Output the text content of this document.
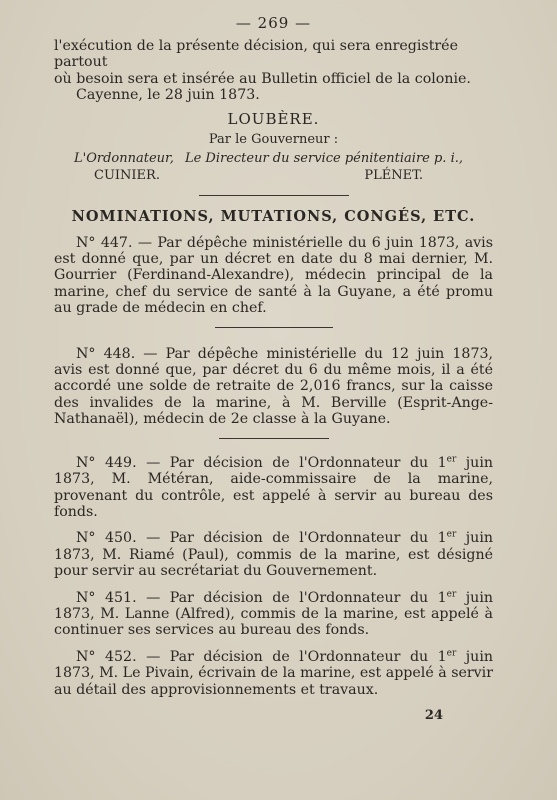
— 269 —

l'exécution de la présente décision, qui sera enregistrée partout

où besoin sera et insérée au Bulletin officiel de la colonie.

Cayenne, le 28 juin 1873.

LOUBÈRE.
Par le Gouverneur :
L'Ordonnateur, Le Directeur du service pénitentiaire p. i.,
CUINIER.	PLÉNET.
NOMINATIONS, MUTATIONS, CONGÉS, ETC.

N° 447. — Par dépêche ministérielle du 6 juin 1873, avis est donné que, par un décret en date du 8 mai dernier, M. Gourrier (Ferdinand-Alexandre), médecin principal de la marine, chef du service de santé à la Guyane, a été promu au grade de médecin en chef.

N° 448. — Par dépêche ministérielle du 12 juin 1873, avis est donné que, par décret du 6 du même mois, il a été accordé une solde de retraite de 2,016 francs, sur la caisse des invalides de la marine, à M. Berville (Esprit-Ange-Nathanaël), médecin de 2e classe à la Guyane.

N° 449. — Par décision de l'Ordonnateur du 1er juin 1873, M. Météran, aide-commissaire de la marine, provenant du contrôle, est appelé à servir au bureau des fonds.

N° 450. — Par décision de l'Ordonnateur du 1er juin 1873, M. Riamé (Paul), commis de la marine, est désigné pour servir au secrétariat du Gouvernement.

N° 451. — Par décision de l'Ordonnateur du 1er juin 1873, M. Lanne (Alfred), commis de la marine, est appelé à continuer ses services au bureau des fonds.

N° 452. — Par décision de l'Ordonnateur du 1er juin 1873, M. Le Pivain, écrivain de la marine, est appelé à servir au détail des approvisionnements et travaux.

24
